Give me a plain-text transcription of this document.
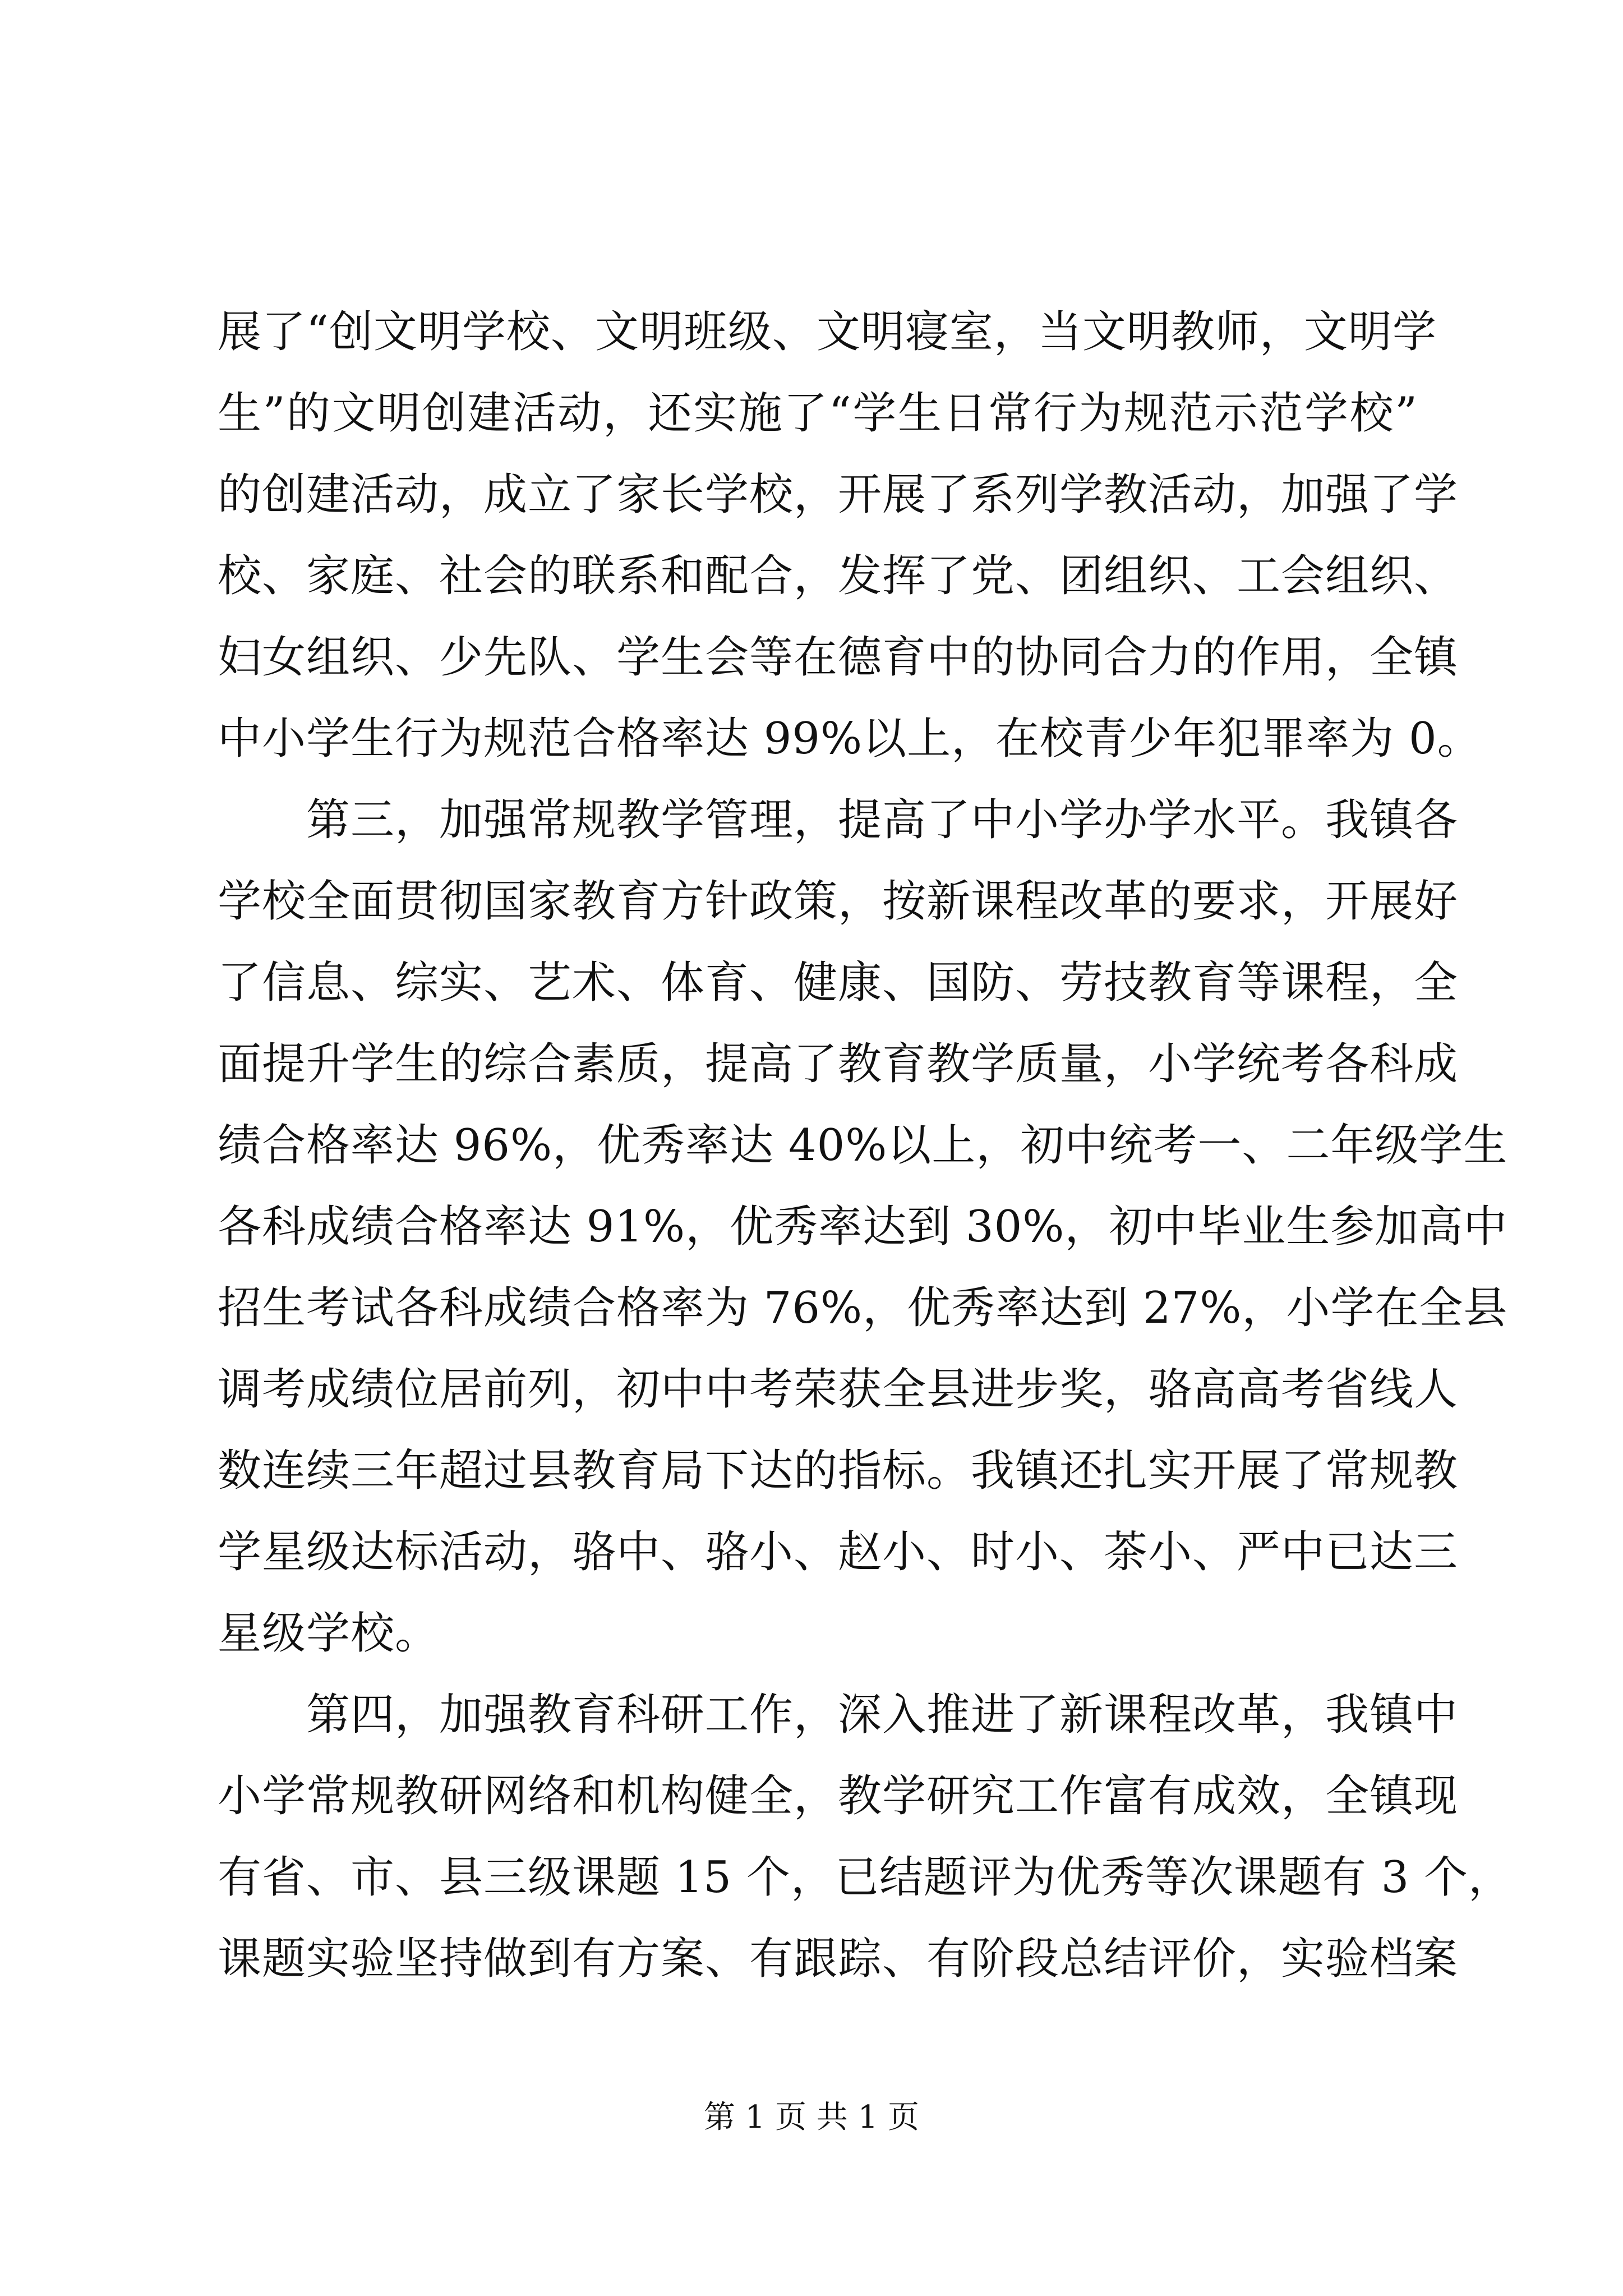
展了“创文明学校、文明班级、文明寝室，当文明教师，文明学
生”的文明创建活动，还实施了“学生日常行为规范示范学校”
的创建活动，成立了家长学校，开展了系列学教活动，加强了学
校、家庭、社会的联系和配合，发挥了党、团组织、工会组织、
妇女组织、少先队、学生会等在德育中的协同合力的作用，全镇
中小学生行为规范合格率达 99%以上，在校青少年犯罪率为 0。
第三，加强常规教学管理，提高了中小学办学水平。我镇各
学校全面贯彻国家教育方针政策，按新课程改革的要求，开展好
了信息、综实、艺术、体育、健康、国防、劳技教育等课程，全
面提升学生的综合素质，提高了教育教学质量，小学统考各科成
绩合格率达 96%，优秀率达 40%以上，初中统考一、二年级学生
各科成绩合格率达 91%，优秀率达到 30%，初中毕业生参加高中
招生考试各科成绩合格率为 76%，优秀率达到 27%，小学在全县
调考成绩位居前列，初中中考荣获全县进步奖，骆高高考省线人
数连续三年超过县教育局下达的指标。我镇还扎实开展了常规教
学星级达标活动，骆中、骆小、赵小、时小、茶小、严中已达三
星级学校。
第四，加强教育科研工作，深入推进了新课程改革，我镇中
小学常规教研网络和机构健全，教学研究工作富有成效，全镇现
有省、市、县三级课题 15 个，已结题评为优秀等次课题有 3 个，
课题实验坚持做到有方案、有跟踪、有阶段总结评价，实验档案
第 1 页 共 1 页
